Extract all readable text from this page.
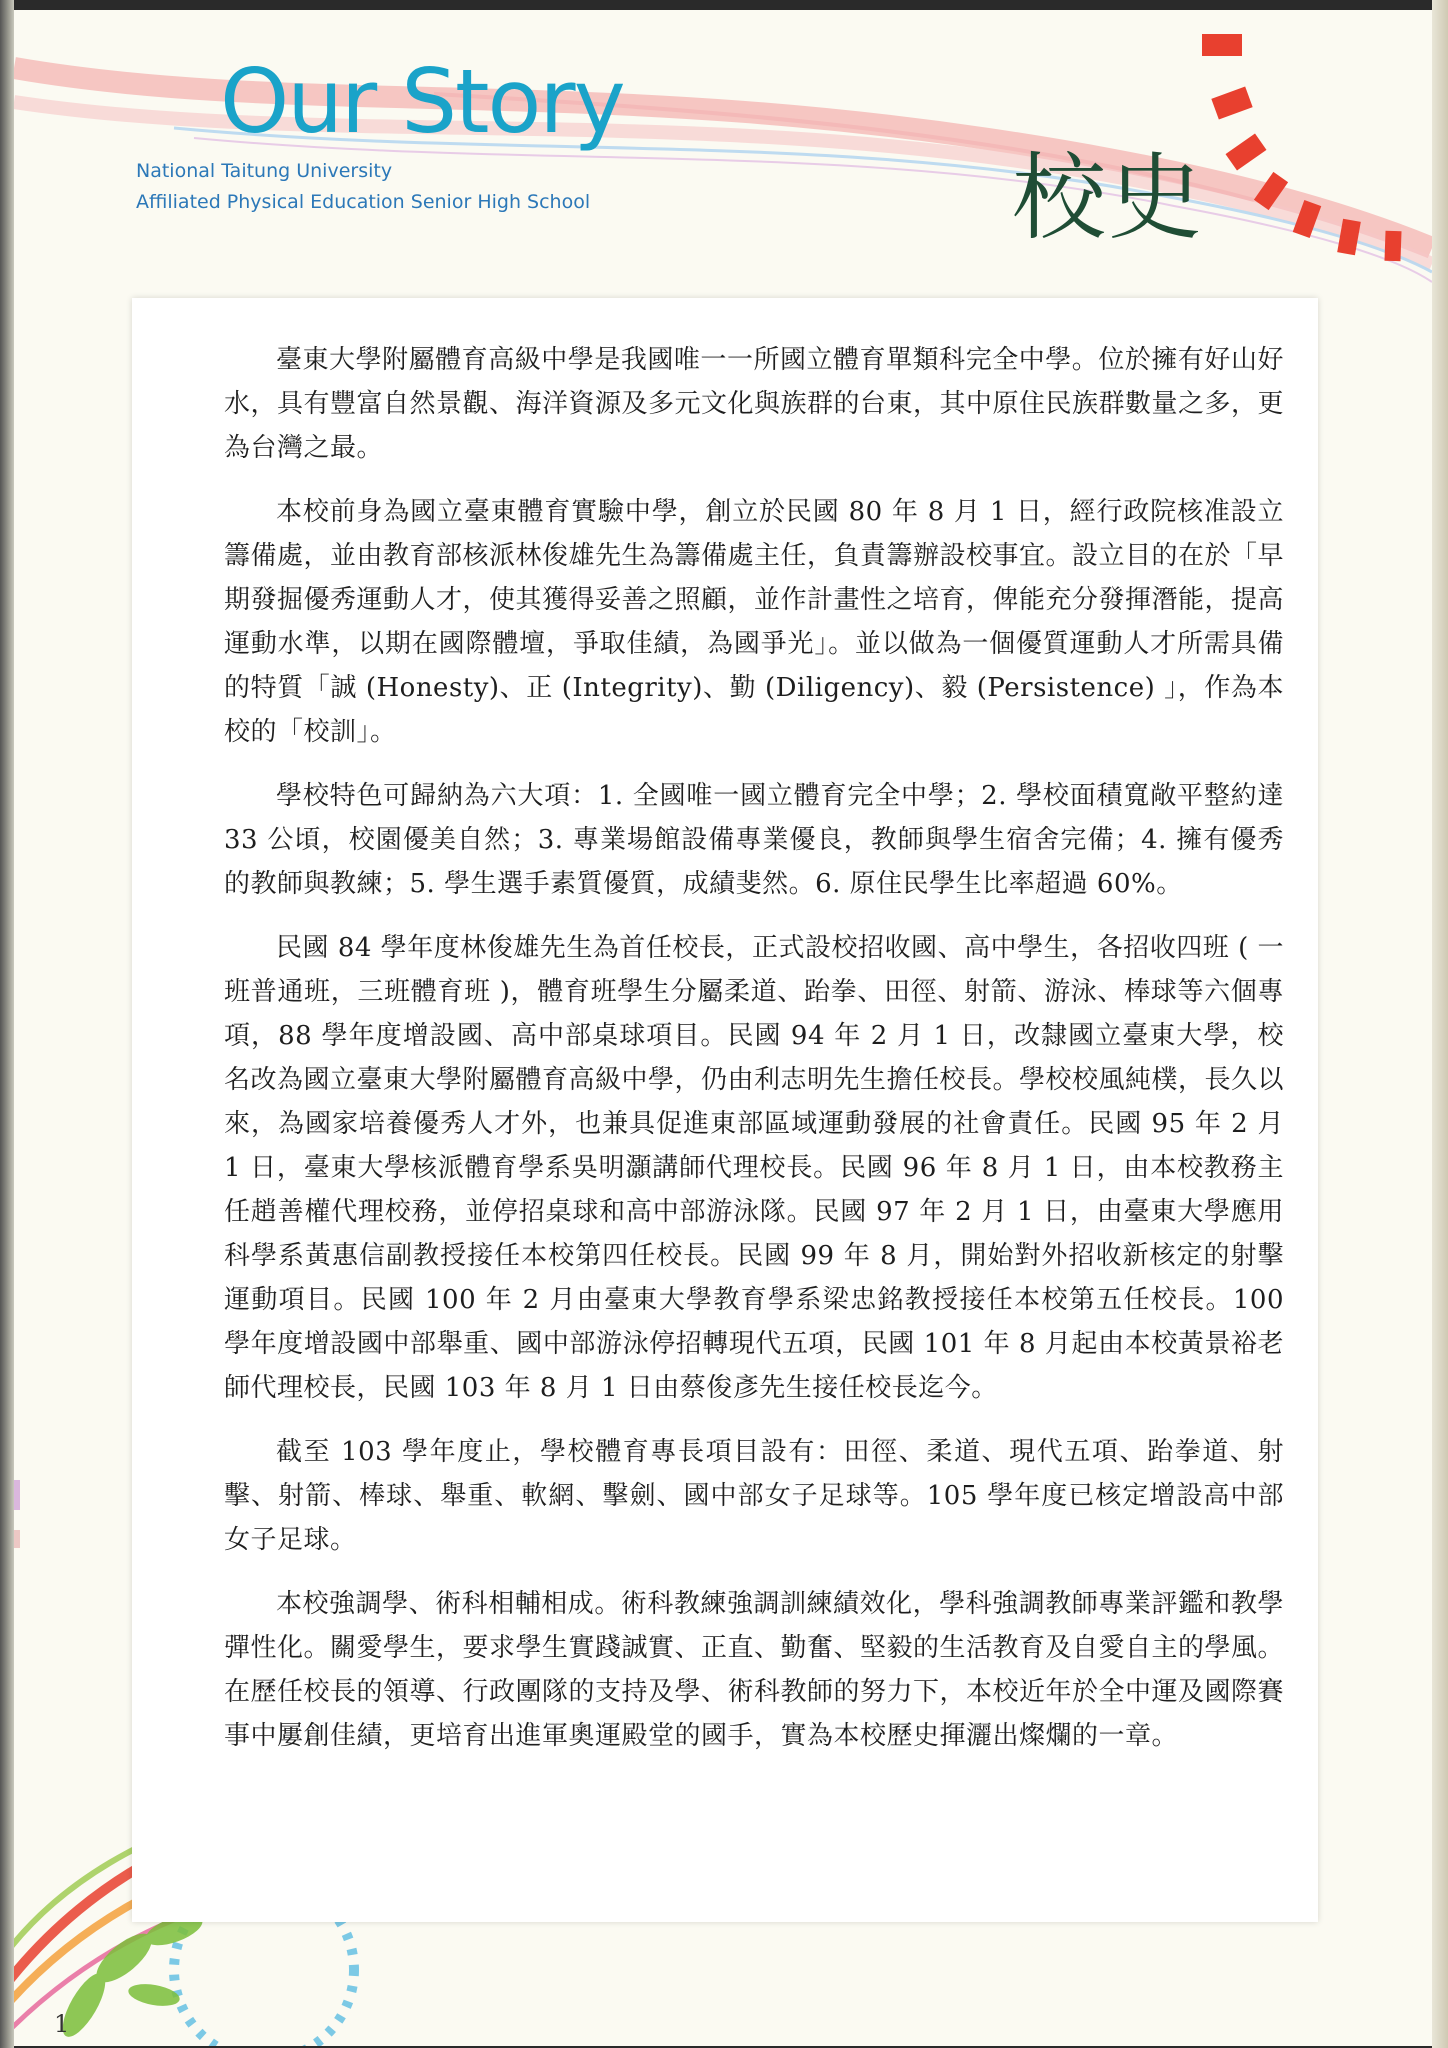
Our Story
National Taitung University
Affiliated Physical Education Senior High School	校史

臺東大學附屬體育高級中學是我國唯一一所國立體育單類科完全中學。位於擁有好山好水，具有豐富自然景觀、海洋資源及多元文化與族群的台東，其中原住民族群數量之多，更為台灣之最。

本校前身為國立臺東體育實驗中學，創立於民國 80 年 8 月 1 日，經行政院核准設立籌備處，並由教育部核派林俊雄先生為籌備處主任，負責籌辦設校事宜。設立目的在於「早期發掘優秀運動人才，使其獲得妥善之照顧，並作計畫性之培育，俾能充分發揮潛能，提高運動水準，以期在國際體壇，爭取佳績，為國爭光」。並以做為一個優質運動人才所需具備的特質「誠 (Honesty)、正 (Integrity)、勤 (Diligency)、毅 (Persistence) 」，作為本校的「校訓」。

學校特色可歸納為六大項：1. 全國唯一國立體育完全中學；2. 學校面積寬敞平整約達 33 公頃，校園優美自然；3. 專業場館設備專業優良，教師與學生宿舍完備；4. 擁有優秀的教師與教練；5. 學生選手素質優質，成績斐然。6. 原住民學生比率超過 60%。

民國 84 學年度林俊雄先生為首任校長，正式設校招收國、高中學生，各招收四班 ( 一班普通班，三班體育班 )，體育班學生分屬柔道、跆拳、田徑、射箭、游泳、棒球等六個專項，88 學年度增設國、高中部桌球項目。民國 94 年 2 月 1 日，改隸國立臺東大學，校名改為國立臺東大學附屬體育高級中學，仍由利志明先生擔任校長。學校校風純樸，長久以來，為國家培養優秀人才外，也兼具促進東部區域運動發展的社會責任。民國 95 年 2 月 1 日，臺東大學核派體育學系吳明灝講師代理校長。民國 96 年 8 月 1 日，由本校教務主任趙善權代理校務，並停招桌球和高中部游泳隊。民國 97 年 2 月 1 日，由臺東大學應用科學系黃惠信副教授接任本校第四任校長。民國 99 年 8 月，開始對外招收新核定的射擊運動項目。民國 100 年 2 月由臺東大學教育學系梁忠銘教授接任本校第五任校長。100 學年度增設國中部舉重、國中部游泳停招轉現代五項，民國 101 年 8 月起由本校黃景裕老師代理校長，民國 103 年 8 月 1 日由蔡俊彥先生接任校長迄今。

截至 103 學年度止，學校體育專長項目設有：田徑、柔道、現代五項、跆拳道、射擊、射箭、棒球、舉重、軟網、擊劍、國中部女子足球等。105 學年度已核定增設高中部女子足球。

本校強調學、術科相輔相成。術科教練強調訓練績效化，學科強調教師專業評鑑和教學彈性化。關愛學生，要求學生實踐誠實、正直、勤奮、堅毅的生活教育及自愛自主的學風。在歷任校長的領導、行政團隊的支持及學、術科教師的努力下，本校近年於全中運及國際賽事中屢創佳績，更培育出進軍奧運殿堂的國手，實為本校歷史揮灑出燦爛的一章。

1
